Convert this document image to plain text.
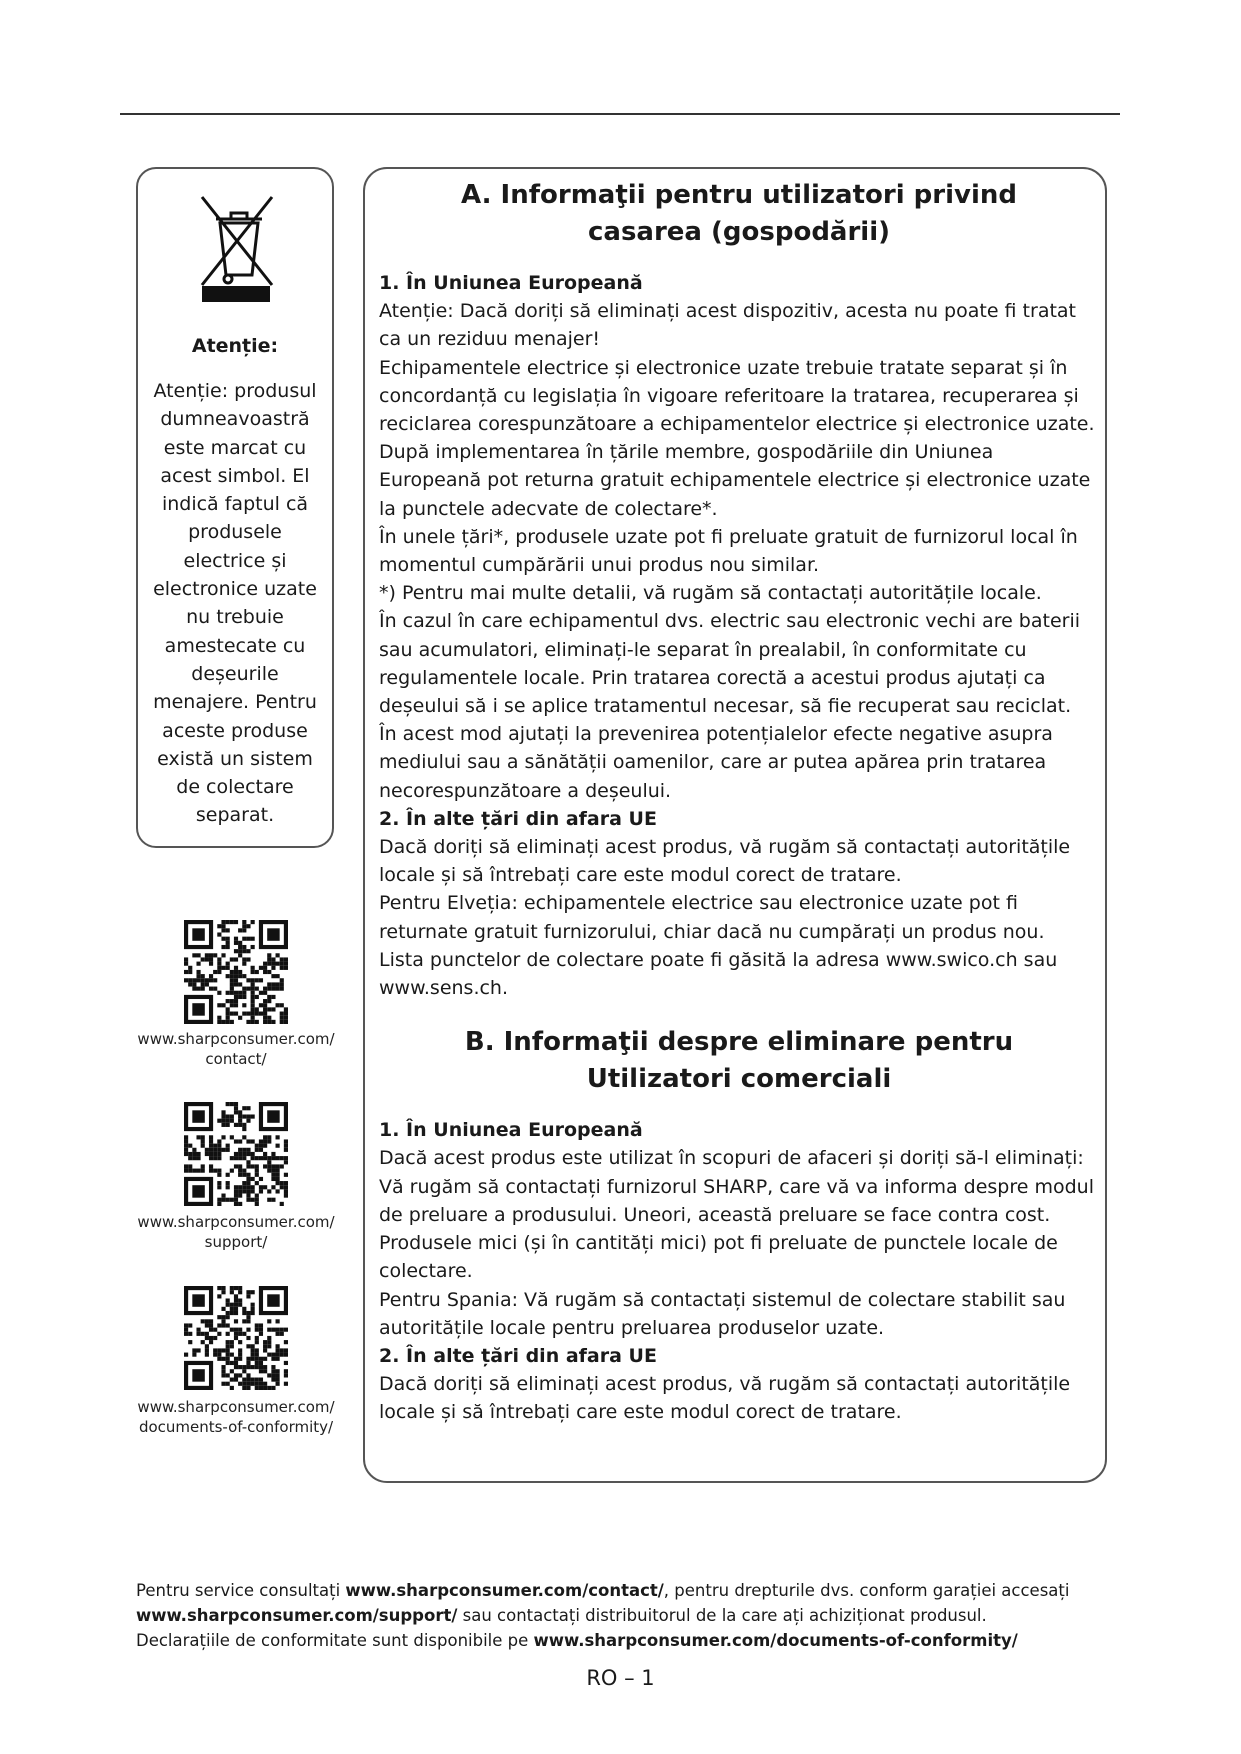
Atenție:
Atenție: produsul dumneavoastră este marcat cu acest simbol. El indică faptul că produsele electrice și electronice uzate nu trebuie amestecate cu deșeurile menajere. Pentru aceste produse există un sistem de colectare separat.
A. Informaţii pentru utilizatori privind casarea (gospodării)

1. În Uniunea Europeană

Atenție: Dacă doriți să eliminați acest dispozitiv, acesta nu poate fi tratat ca un reziduu menajer!
Echipamentele electrice și electronice uzate trebuie tratate separat și în concordanță cu legislația în vigoare referitoare la tratarea, recuperarea și reciclarea corespunzătoare a echipamentelor electrice și electronice uzate.
După implementarea în țările membre, gospodăriile din Uniunea Europeană pot returna gratuit echipamentele electrice și electronice uzate la punctele adecvate de colectare*.
În unele țări*, produsele uzate pot fi preluate gratuit de furnizorul local în momentul cumpărării unui produs nou similar.
*) Pentru mai multe detalii, vă rugăm să contactați autoritățile locale.
În cazul în care echipamentul dvs. electric sau electronic vechi are baterii sau acumulatori, eliminați-le separat în prealabil, în conformitate cu regulamentele locale. Prin tratarea corectă a acestui produs ajutați ca deșeului să i se aplice tratamentul necesar, să fie recuperat sau reciclat.
În acest mod ajutați la prevenirea potențialelor efecte negative asupra mediului sau a sănătății oamenilor, care ar putea apărea prin tratarea necorespunzătoare a deșeului.

2. În alte țări din afara UE

Dacă doriți să eliminați acest produs, vă rugăm să contactați autoritățile locale și să întrebați care este modul corect de tratare.
Pentru Elveția: echipamentele electrice sau electronice uzate pot fi returnate gratuit furnizorului, chiar dacă nu cumpărați un produs nou.
Lista punctelor de colectare poate fi găsită la adresa www.swico.ch sau www.sens.ch.

B. Informaţii despre eliminare pentru Utilizatori comerciali

1. În Uniunea Europeană

Dacă acest produs este utilizat în scopuri de afaceri și doriți să-l eliminați:
Vă rugăm să contactați furnizorul SHARP, care vă va informa despre modul de preluare a produsului. Uneori, această preluare se face contra cost.
Produsele mici (și în cantități mici) pot fi preluate de punctele locale de colectare.
Pentru Spania: Vă rugăm să contactați sistemul de colectare stabilit sau autoritățile locale pentru preluarea produselor uzate.

2. În alte țări din afara UE

Dacă doriți să eliminați acest produs, vă rugăm să contactați autoritățile locale și să întrebați care este modul corect de tratare.

www.sharpconsumer.com/
contact/
www.sharpconsumer.com/
support/
www.sharpconsumer.com/
documents-of-conformity/
Pentru service consultați www.sharpconsumer.com/contact/, pentru drepturile dvs. conform garației accesați
www.sharpconsumer.com/support/ sau contactați distribuitorul de la care ați achiziționat produsul.
Declarațiile de conformitate sunt disponibile pe www.sharpconsumer.com/documents-of-conformity/
RO – 1
